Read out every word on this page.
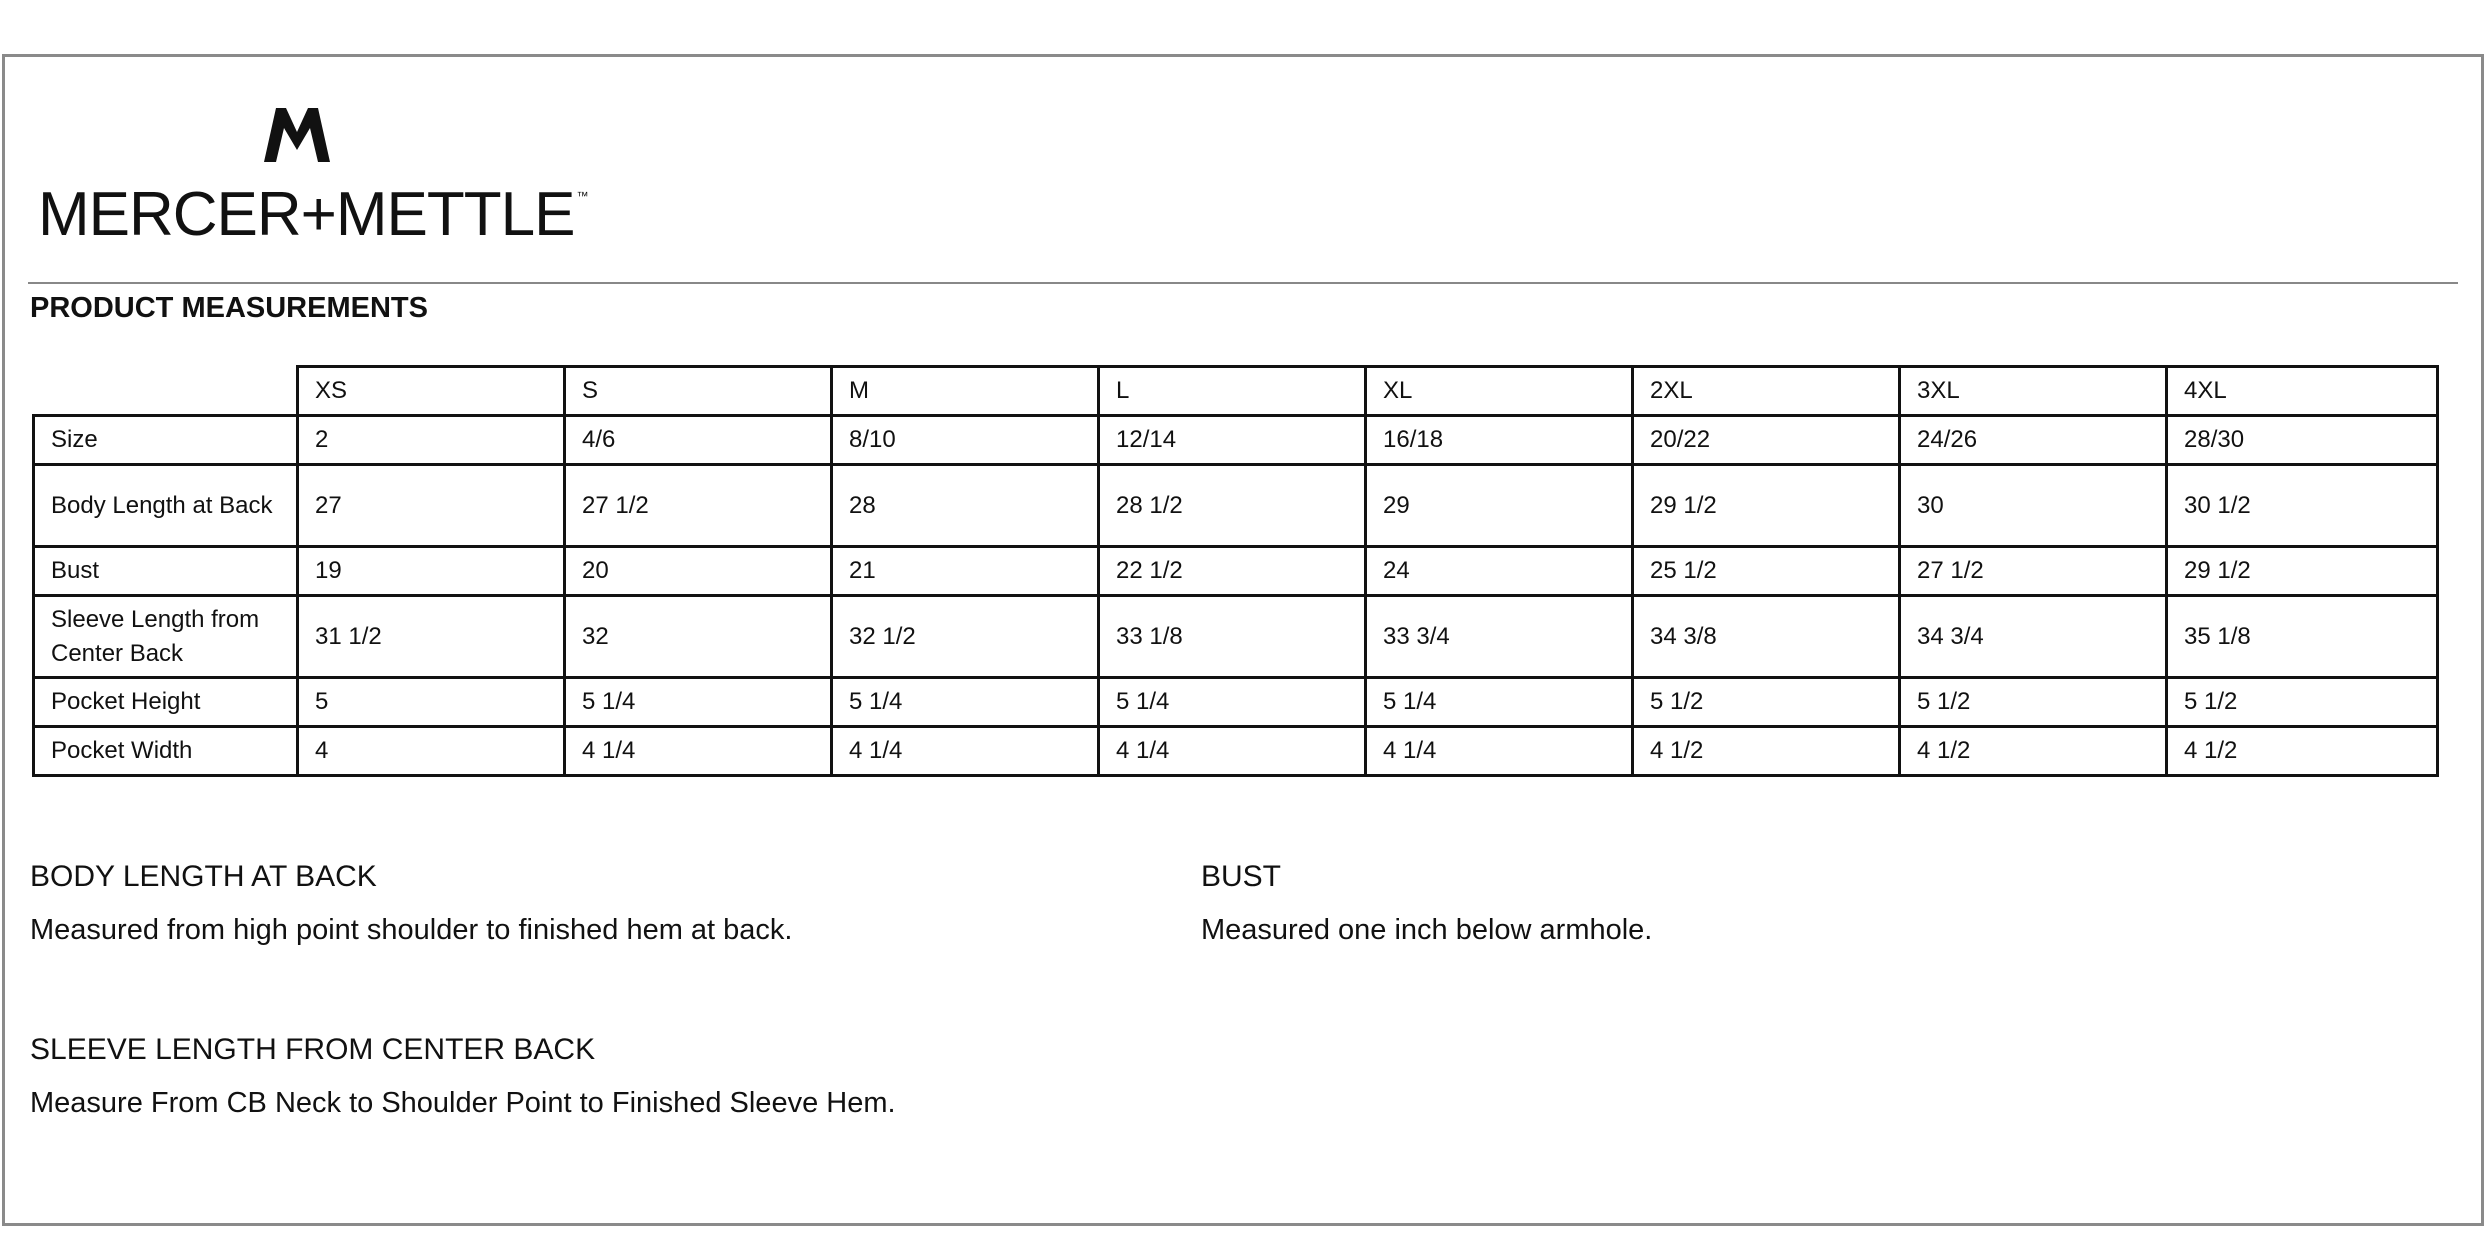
MERCER+METTLE ™
PRODUCT MEASUREMENTS
	XS	S	M	L	XL	2XL	3XL	4XL
Size	2	4/6	8/10	12/14	16/18	20/22	24/26	28/30
Body Length at Back	27	27 1/2	28	28 1/2	29	29 1/2	30	30 1/2
Bust	19	20	21	22 1/2	24	25 1/2	27 1/2	29 1/2
Sleeve Length from Center Back	31 1/2	32	32 1/2	33 1/8	33 3/4	34 3/8	34 3/4	35 1/8
Pocket Height	5	5 1/4	5 1/4	5 1/4	5 1/4	5 1/2	5 1/2	5 1/2
Pocket Width	4	4 1/4	4 1/4	4 1/4	4 1/4	4 1/2	4 1/2	4 1/2
BODY LENGTH AT BACK
Measured from high point shoulder to finished hem at back.
BUST
Measured one inch below armhole.
SLEEVE LENGTH FROM CENTER BACK
Measure From CB Neck to Shoulder Point to Finished Sleeve Hem.
